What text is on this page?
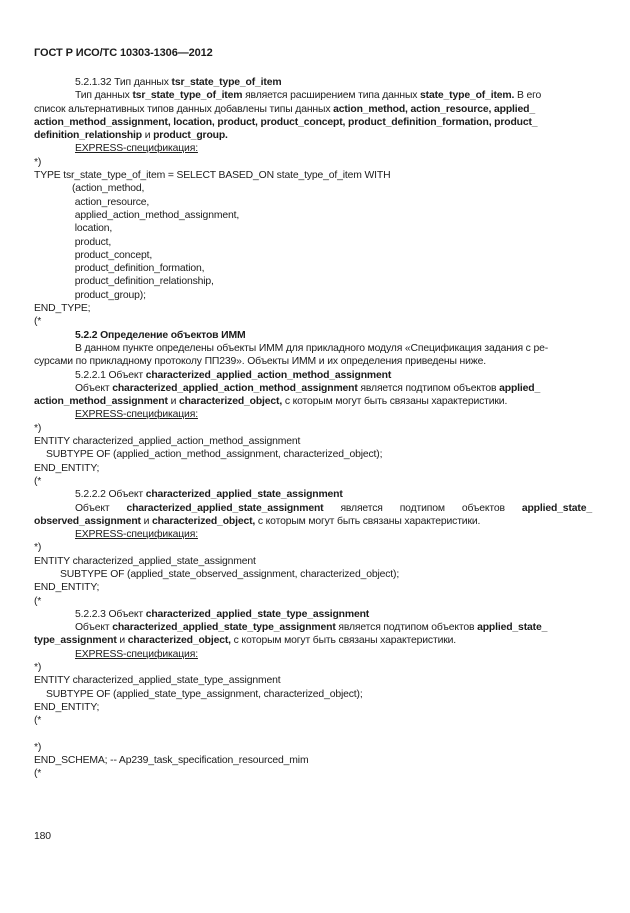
ГОСТ Р ИСО/ТС 10303-1306—2012
5.2.1.32 Тип данных tsr_state_type_of_item
Тип данных tsr_state_type_of_item является расширением типа данных state_type_of_item. В его
список альтернативных типов данных добавлены типы данных action_method, action_resource, applied_
action_method_assignment, location, product, product_concept, product_definition_formation, product_
definition_relationship и product_group.
EXPRESS-спецификация:
*)
TYPE tsr_state_type_of_item = SELECT BASED_ON state_type_of_item WITH
(action_method,
action_resource,
applied_action_method_assignment,
location,
product,
product_concept,
product_definition_formation,
product_definition_relationship,
product_group);
END_TYPE;
(*
5.2.2 Определение объектов ИММ
В данном пункте определены объекты ИММ для прикладного модуля «Спецификация задания с ре-
сурсами по прикладному протоколу ПП239». Объекты ИММ и их определения приведены ниже.
5.2.2.1 Объект characterized_applied_action_method_assignment
Объект characterized_applied_action_method_assignment является подтипом объектов applied_
action_method_assignment и characterized_object, с которым могут быть связаны характеристики.
EXPRESS-спецификация:
*)
ENTITY characterized_applied_action_method_assignment
SUBTYPE OF (applied_action_method_assignment, characterized_object);
END_ENTITY;
(*
5.2.2.2 Объект characterized_applied_state_assignment
Объект characterized_applied_state_assignment является подтипом объектов applied_state_
observed_assignment и characterized_object, с которым могут быть связаны характеристики.
EXPRESS-спецификация:
*)
ENTITY characterized_applied_state_assignment
SUBTYPE OF (applied_state_observed_assignment, characterized_object);
END_ENTITY;
(*
5.2.2.3 Объект characterized_applied_state_type_assignment
Объект characterized_applied_state_type_assignment является подтипом объектов applied_state_
type_assignment и characterized_object, с которым могут быть связаны характеристики.
EXPRESS-спецификация:
*)
ENTITY characterized_applied_state_type_assignment
SUBTYPE OF (applied_state_type_assignment, characterized_object);
END_ENTITY;
(*
*)
END_SCHEMA; -- Ap239_task_specification_resourced_mim
(*
180
